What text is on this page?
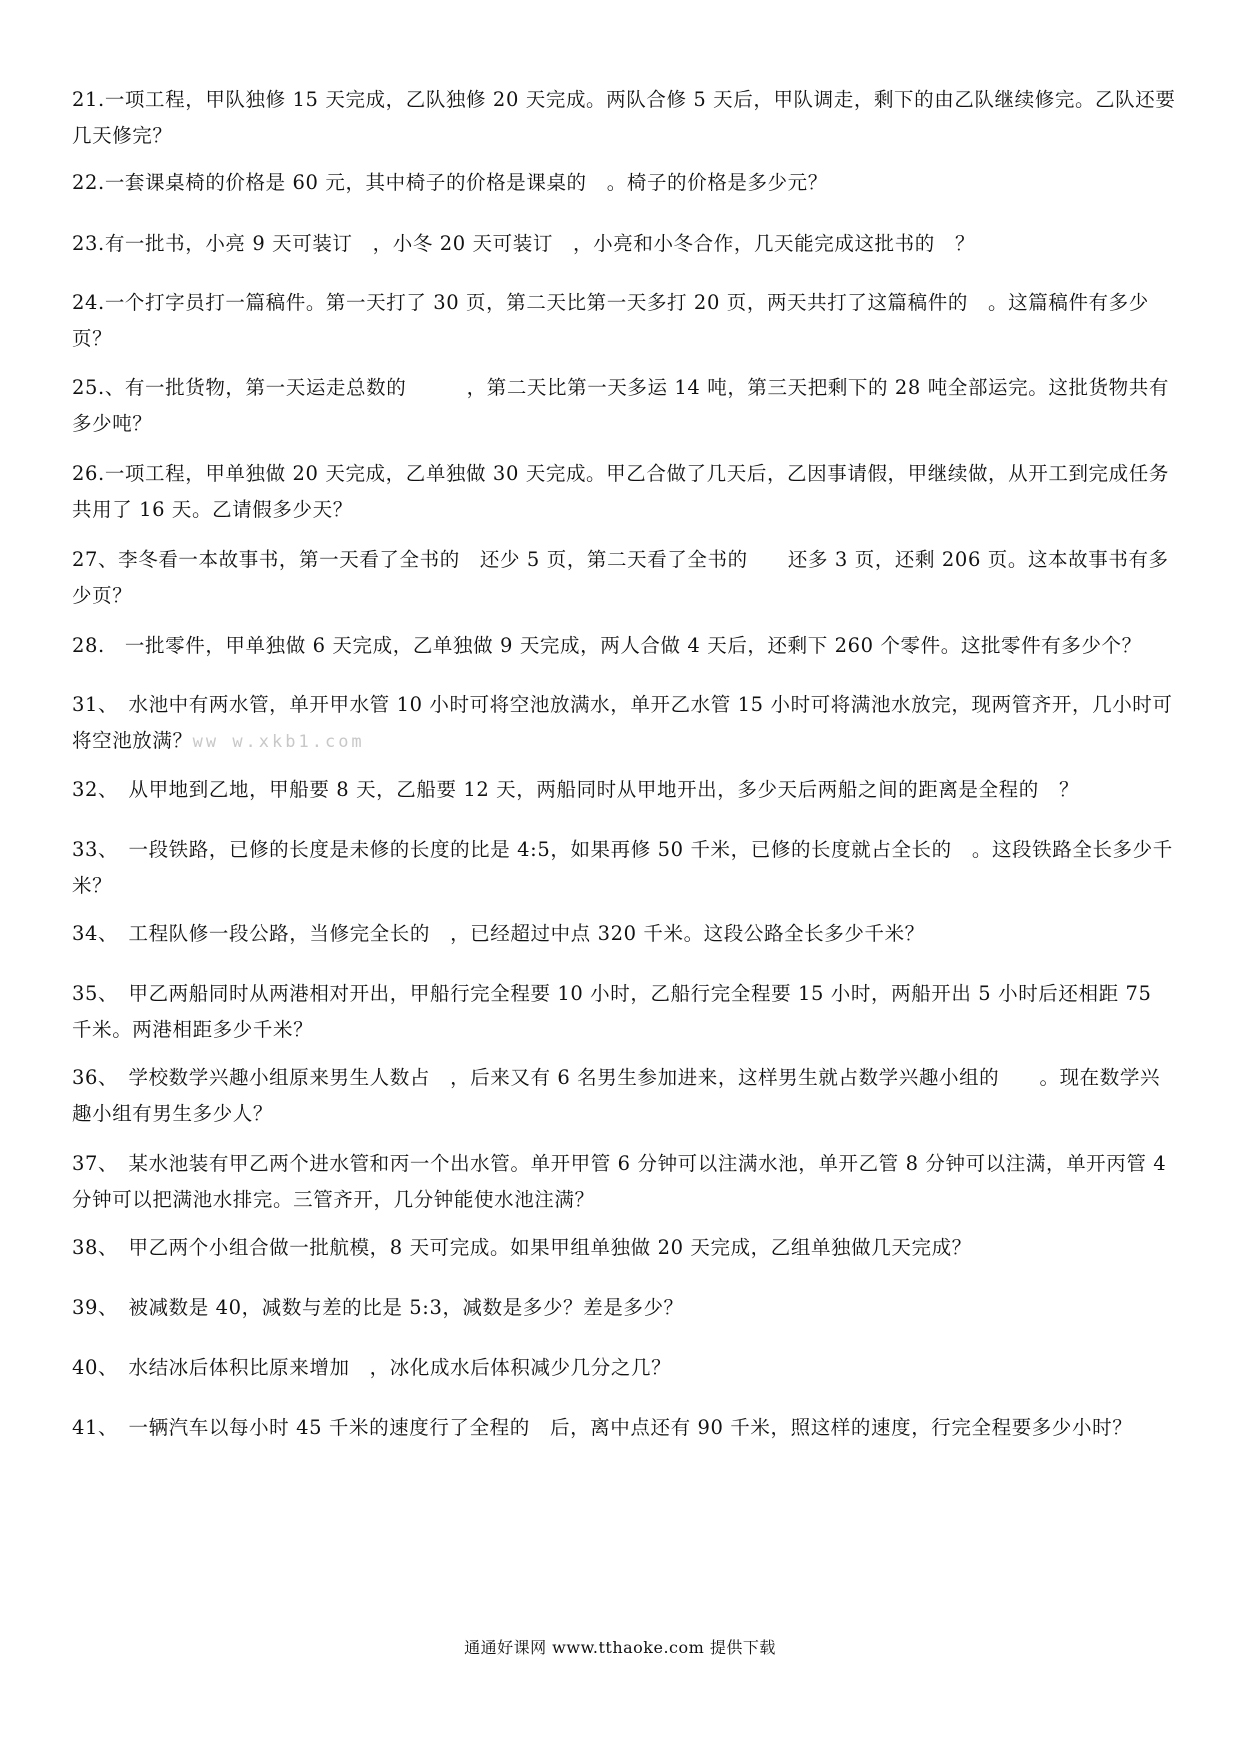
21.一项工程，甲队独修 15 天完成，乙队独修 20 天完成。两队合修 5 天后，甲队调走，剩下的由乙队继续修完。乙队还要几天修完？

22.一套课桌椅的价格是 60 元，其中椅子的价格是课桌的　。椅子的价格是多少元？

23.有一批书，小亮 9 天可装订　，小冬 20 天可装订　，小亮和小冬合作，几天能完成这批书的　？

24.一个打字员打一篇稿件。第一天打了 30 页，第二天比第一天多打 20 页，两天共打了这篇稿件的　。这篇稿件有多少页？

25.、有一批货物，第一天运走总数的　　　，第二天比第一天多运 14 吨，第三天把剩下的 28 吨全部运完。这批货物共有多少吨？

26.一项工程，甲单独做 20 天完成，乙单独做 30 天完成。甲乙合做了几天后，乙因事请假，甲继续做，从开工到完成任务共用了 16 天。乙请假多少天？

27、李冬看一本故事书，第一天看了全书的　还少 5 页，第二天看了全书的　　还多 3 页，还剩 206 页。这本故事书有多少页？

28.　一批零件，甲单独做 6 天完成，乙单独做 9 天完成，两人合做 4 天后，还剩下 260 个零件。这批零件有多少个？

31、　水池中有两水管，单开甲水管 10 小时可将空池放满水，单开乙水管 15 小时可将满池水放完，现两管齐开，几小时可将空池放满？ww w.xkb1.com

32、　从甲地到乙地，甲船要 8 天，乙船要 12 天，两船同时从甲地开出，多少天后两船之间的距离是全程的　？

33、　一段铁路，已修的长度是未修的长度的比是 4:5，如果再修 50 千米，已修的长度就占全长的　。这段铁路全长多少千米？

34、　工程队修一段公路，当修完全长的　，已经超过中点 320 千米。这段公路全长多少千米？

35、　甲乙两船同时从两港相对开出，甲船行完全程要 10 小时，乙船行完全程要 15 小时，两船开出 5 小时后还相距 75 千米。两港相距多少千米？

36、　学校数学兴趣小组原来男生人数占　，后来又有 6 名男生参加进来，这样男生就占数学兴趣小组的　　。现在数学兴趣小组有男生多少人？

37、　某水池装有甲乙两个进水管和丙一个出水管。单开甲管 6 分钟可以注满水池，单开乙管 8 分钟可以注满，单开丙管 4 分钟可以把满池水排完。三管齐开，几分钟能使水池注满？

38、　甲乙两个小组合做一批航模，8 天可完成。如果甲组单独做 20 天完成，乙组单独做几天完成？

39、　被减数是 40，减数与差的比是 5:3，减数是多少？差是多少？

40、　水结冰后体积比原来增加　，冰化成水后体积减少几分之几？

41、　一辆汽车以每小时 45 千米的速度行了全程的　后，离中点还有 90 千米，照这样的速度，行完全程要多少小时？

通通好课网 www.tthaoke.com 提供下载
